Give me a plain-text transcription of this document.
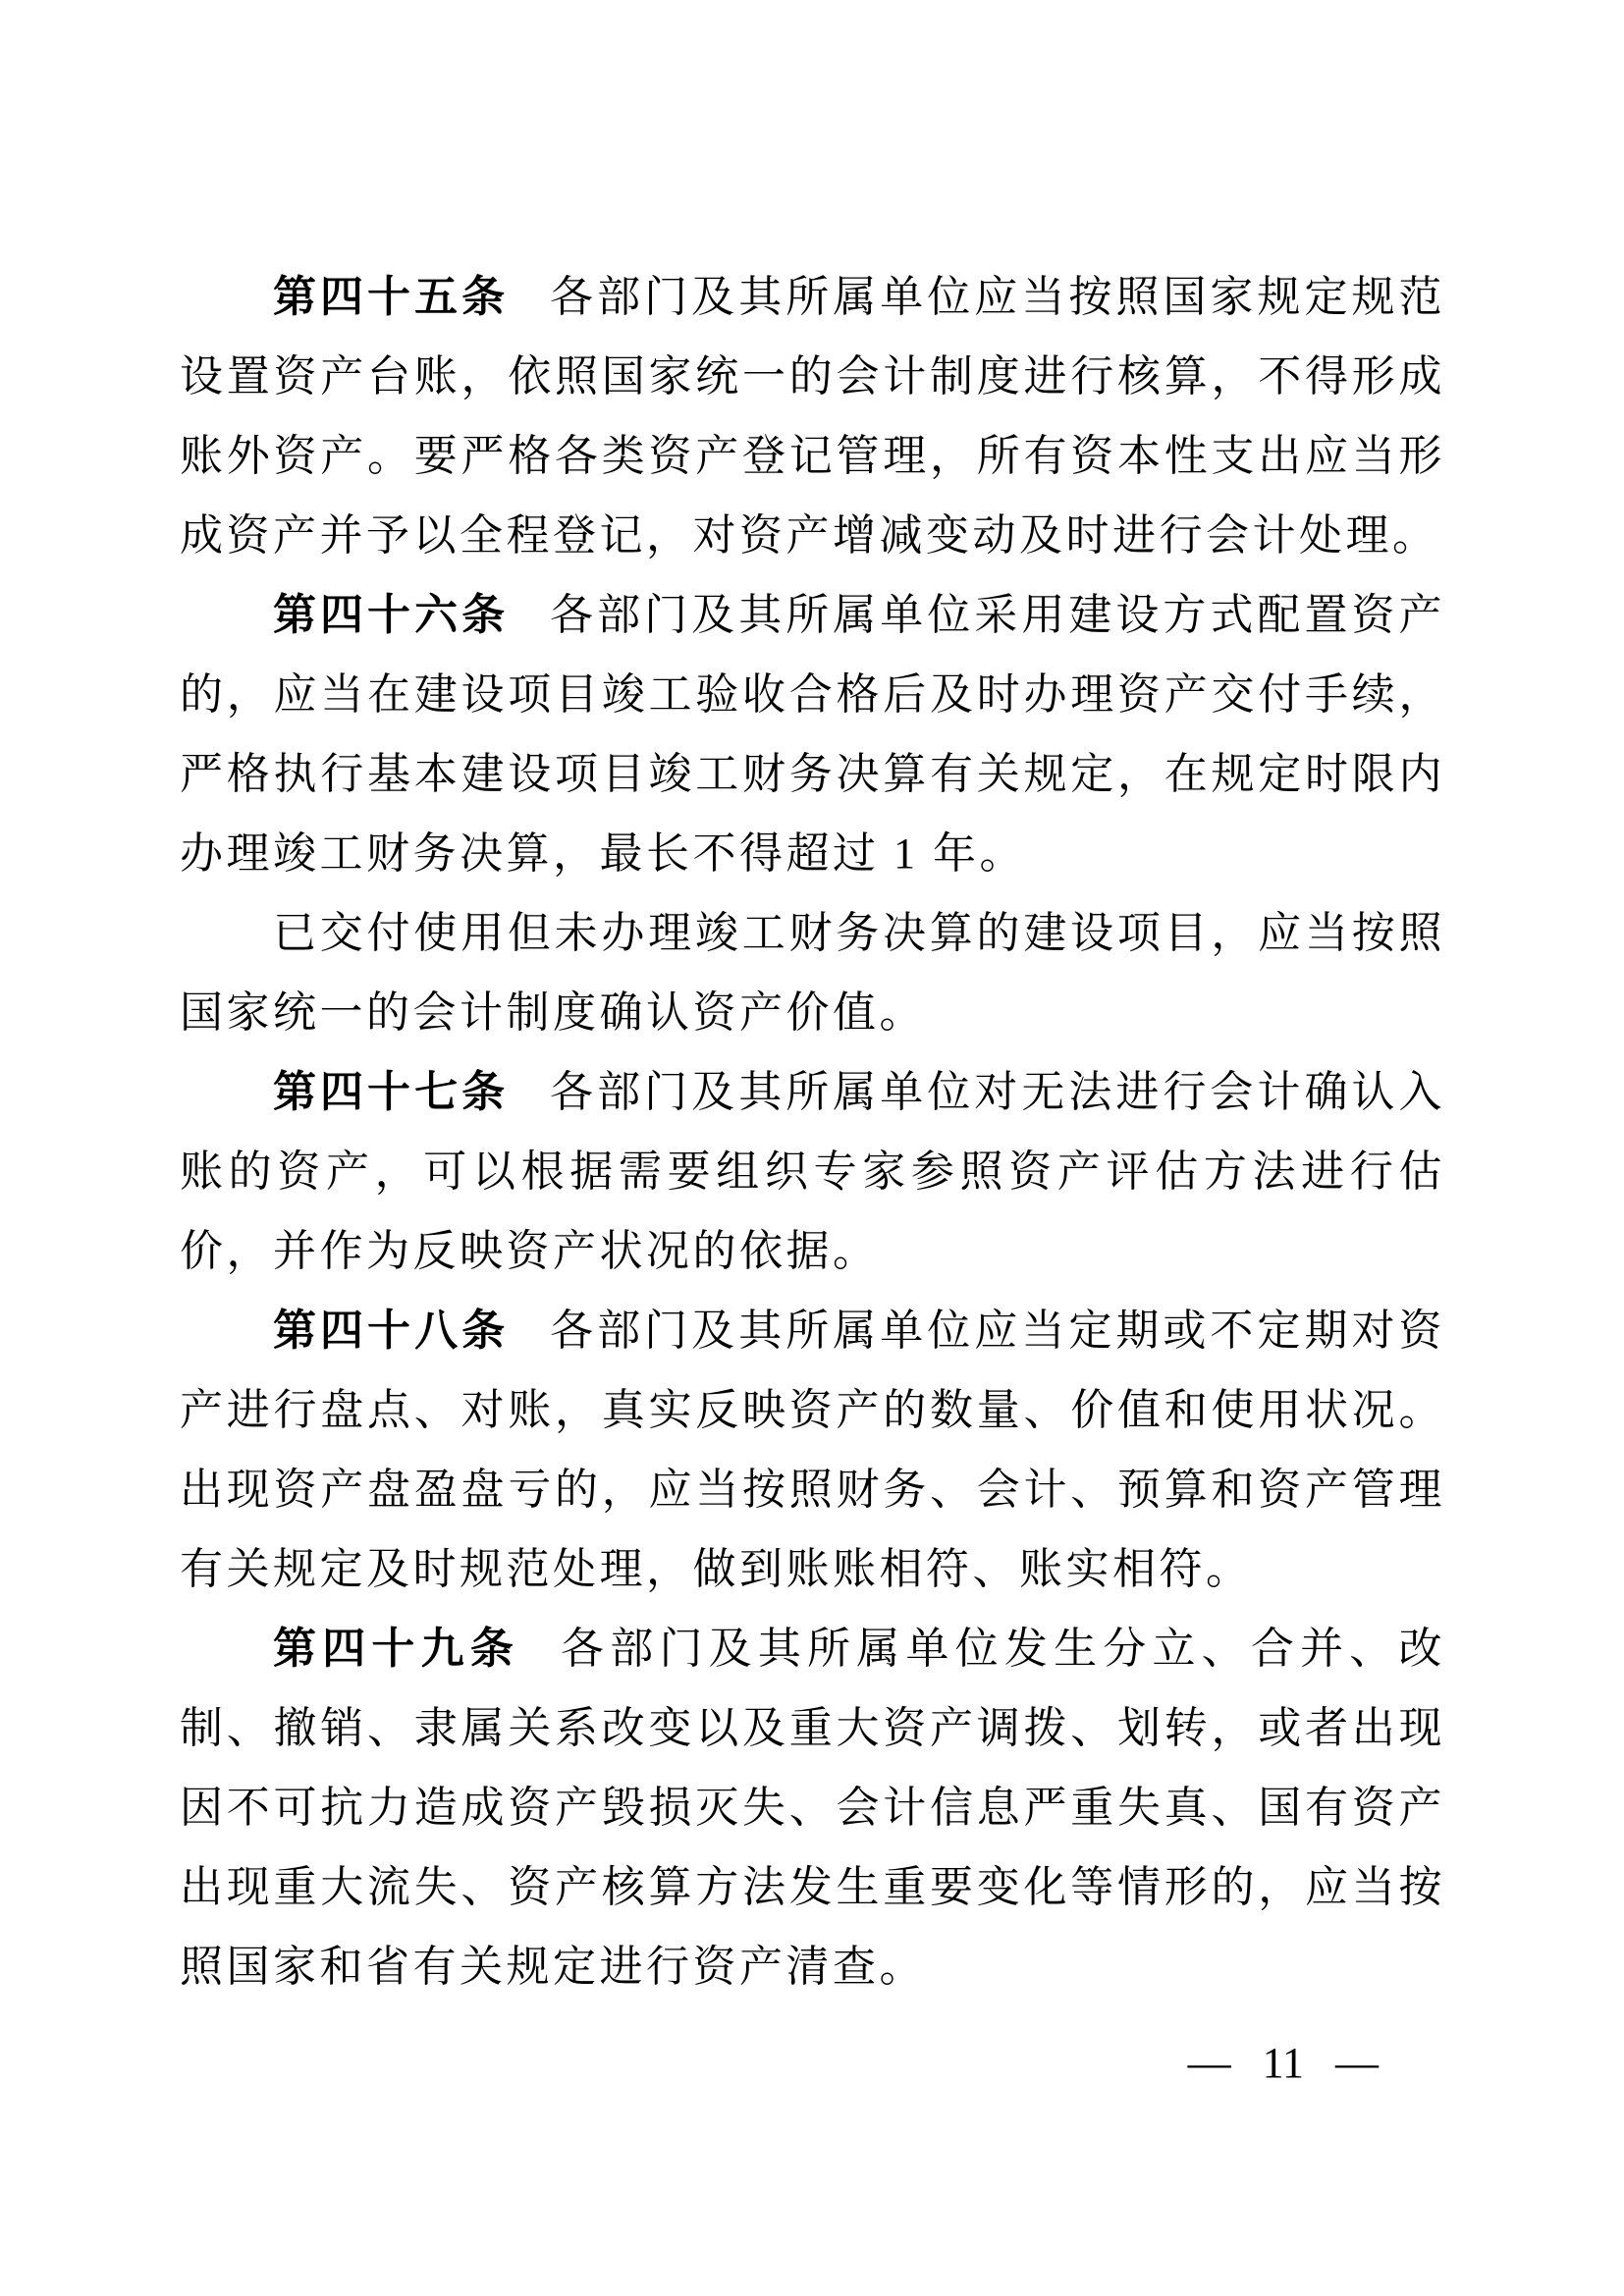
第四十五条 各部门及其所属单位应当按照国家规定规范设置资产台账，依照国家统一的会计制度进行核算，不得形成账外资产。要严格各类资产登记管理，所有资本性支出应当形成资产并予以全程登记，对资产增减变动及时进行会计处理。

第四十六条 各部门及其所属单位采用建设方式配置资产的，应当在建设项目竣工验收合格后及时办理资产交付手续，严格执行基本建设项目竣工财务决算有关规定，在规定时限内办理竣工财务决算，最长不得超过 1 年。

已交付使用但未办理竣工财务决算的建设项目，应当按照国家统一的会计制度确认资产价值。

第四十七条 各部门及其所属单位对无法进行会计确认入账的资产，可以根据需要组织专家参照资产评估方法进行估价，并作为反映资产状况的依据。

第四十八条 各部门及其所属单位应当定期或不定期对资产进行盘点、对账，真实反映资产的数量、价值和使用状况。出现资产盘盈盘亏的，应当按照财务、会计、预算和资产管理有关规定及时规范处理，做到账账相符、账实相符。

第四十九条 各部门及其所属单位发生分立、合并、改制、撤销、隶属关系改变以及重大资产调拨、划转，或者出现因不可抗力造成资产毁损灭失、会计信息严重失真、国有资产出现重大流失、资产核算方法发生重要变化等情形的，应当按照国家和省有关规定进行资产清查。

— 11 —
